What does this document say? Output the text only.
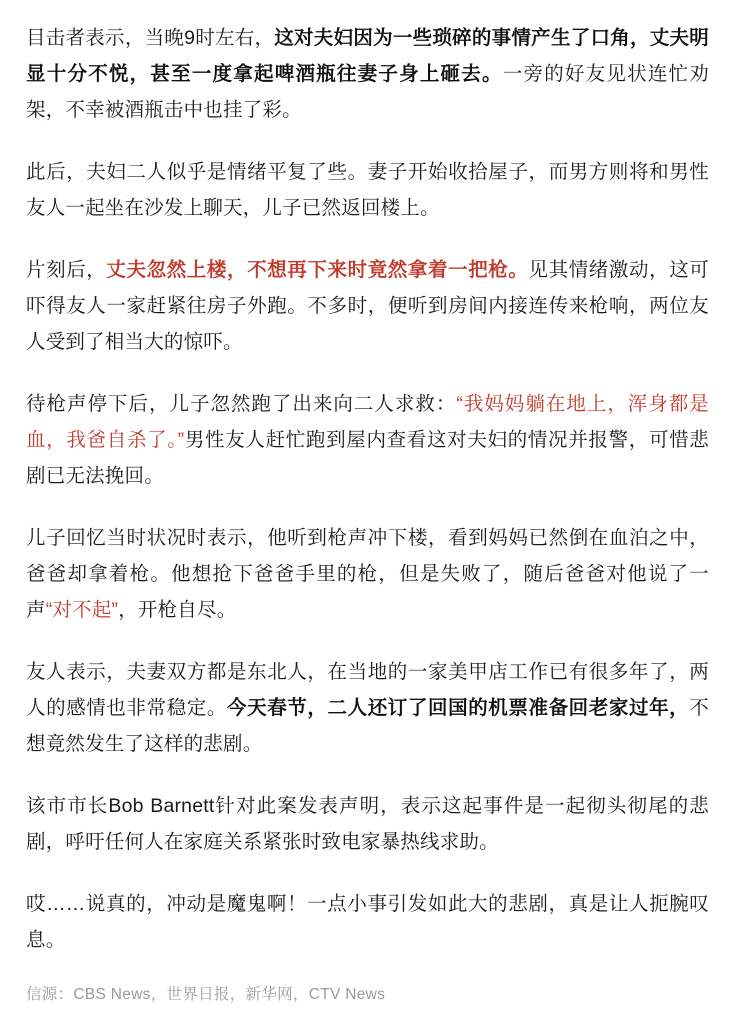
目击者表示，当晚9时左右，这对夫妇因为一些琐碎的事情产生了口角，丈夫明显十分不悦，甚至一度拿起啤酒瓶往妻子身上砸去。一旁的好友见状连忙劝架，不幸被酒瓶击中也挂了彩。

此后，夫妇二人似乎是情绪平复了些。妻子开始收拾屋子，而男方则将和男性友人一起坐在沙发上聊天，儿子已然返回楼上。

片刻后，丈夫忽然上楼，不想再下来时竟然拿着一把枪。见其情绪激动，这可吓得友人一家赶紧往房子外跑。不多时，便听到房间内接连传来枪响，两位友人受到了相当大的惊吓。

待枪声停下后，儿子忽然跑了出来向二人求救：“我妈妈躺在地上，浑身都是血，我爸自杀了。”男性友人赶忙跑到屋内查看这对夫妇的情况并报警，可惜悲剧已无法挽回。

儿子回忆当时状况时表示，他听到枪声冲下楼，看到妈妈已然倒在血泊之中，爸爸却拿着枪。他想抢下爸爸手里的枪，但是失败了，随后爸爸对他说了一声“对不起”，开枪自尽。

友人表示，夫妻双方都是东北人，在当地的一家美甲店工作已有很多年了，两人的感情也非常稳定。今天春节，二人还订了回国的机票准备回老家过年，不想竟然发生了这样的悲剧。

该市市长Bob Barnett针对此案发表声明，表示这起事件是一起彻头彻尾的悲剧，呼吁任何人在家庭关系紧张时致电家暴热线求助。

哎……说真的，冲动是魔鬼啊！一点小事引发如此大的悲剧，真是让人扼腕叹息。

信源：CBS News，世界日报，新华网，CTV News
